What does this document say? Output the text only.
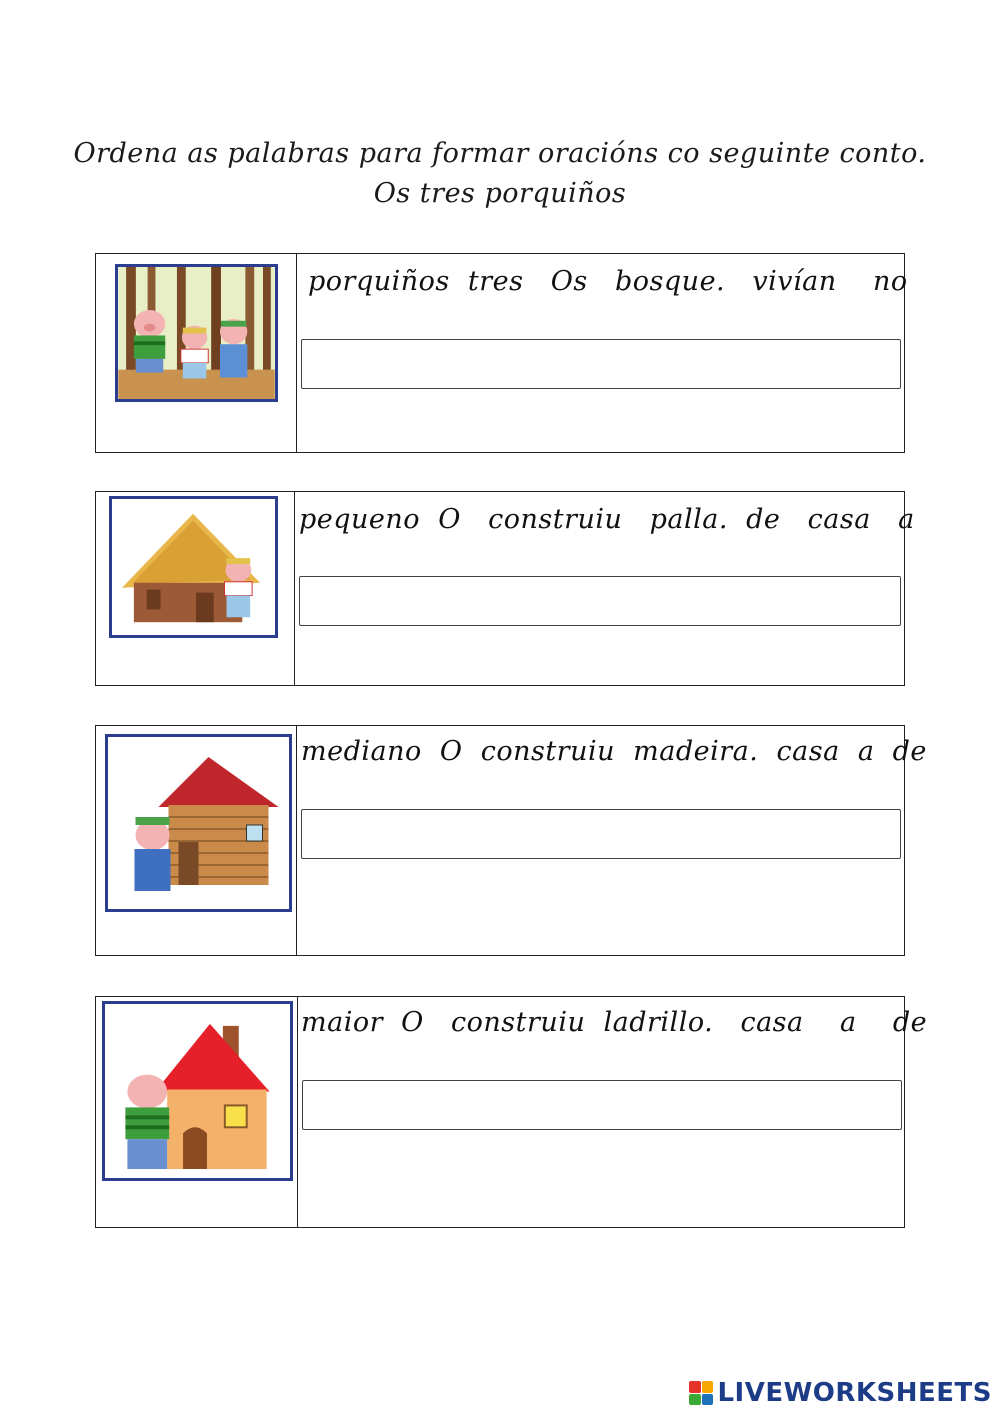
Ordena as palabras para formar oracións co seguinte conto.
Os tres porquiños
porquiños  tres   Os   bosque.   vivían    no
pequeno  O   construiu   palla.  de   casa   a
mediano  O  construiu  madeira.  casa  a  de
maior  O   construiu  ladrillo.   casa    a    de
LIVEWORKSHEETS
